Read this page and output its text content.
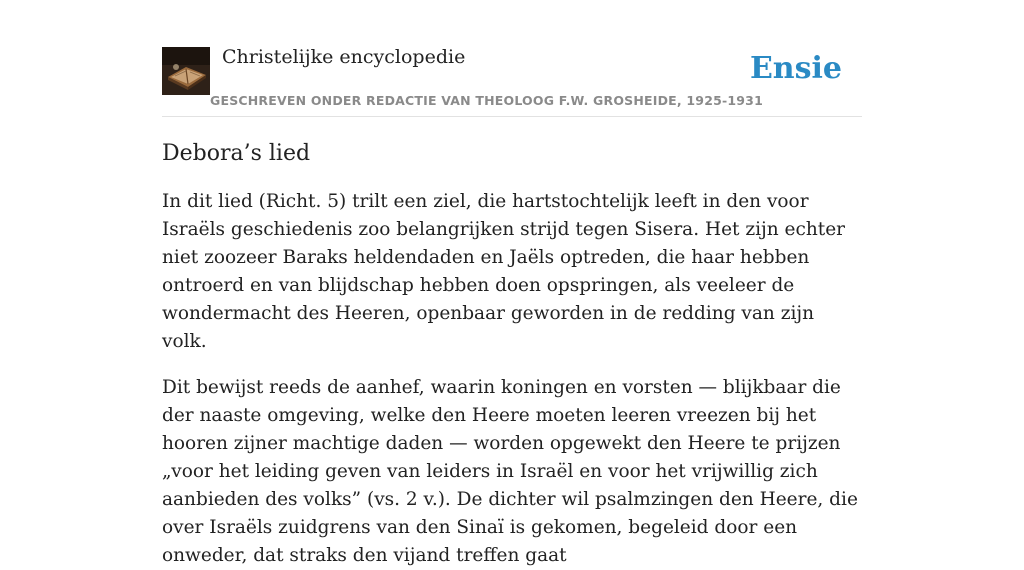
Christelijke encyclopedie
GESCHREVEN ONDER REDACTIE VAN THEOLOOG F.W. GROSHEIDE, 1925-1931
Ensie
Debora’s lied

In dit lied (Richt. 5) trilt een ziel, die hartstochtelijk leeft in den voor Israëls geschiedenis zoo belangrijken strijd tegen Sisera. Het zijn echter niet zoozeer Baraks heldendaden en Jaëls optreden, die haar hebben ontroerd en van blijdschap hebben doen opspringen, als veeleer de wondermacht des Heeren, openbaar geworden in de redding van zijn volk.

Dit bewijst reeds de aanhef, waarin koningen en vorsten — blijkbaar die der naaste omgeving, welke den Heere moeten leeren vreezen bij het hooren zijner machtige daden — worden opgewekt den Heere te prijzen „voor het leiding geven van leiders in Israël en voor het vrijwillig zich aanbieden des volks” (vs. 2 v.). De dichter wil psalmzingen den Heere, die over Israëls zuidgrens van den Sinaï is gekomen, begeleid door een onweder, dat straks den vijand treffen gaat
